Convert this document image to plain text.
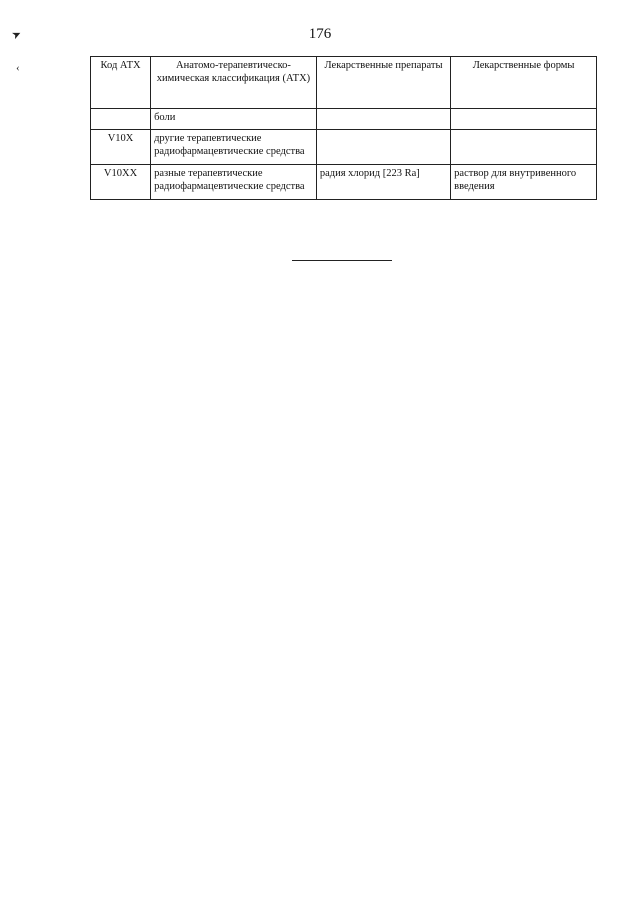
➤
‹
176
Код АТХ	Анатомо-терапевтическо-химическая классификация (АТХ)	Лекарственные препараты	Лекарственные формы
	боли		
V10X	другие терапевтические радиофармацевтические средства		
V10XX	разные терапевтические радиофармацевтические средства	радия хлорид [223 Ra]	раствор для внутривенного введения
